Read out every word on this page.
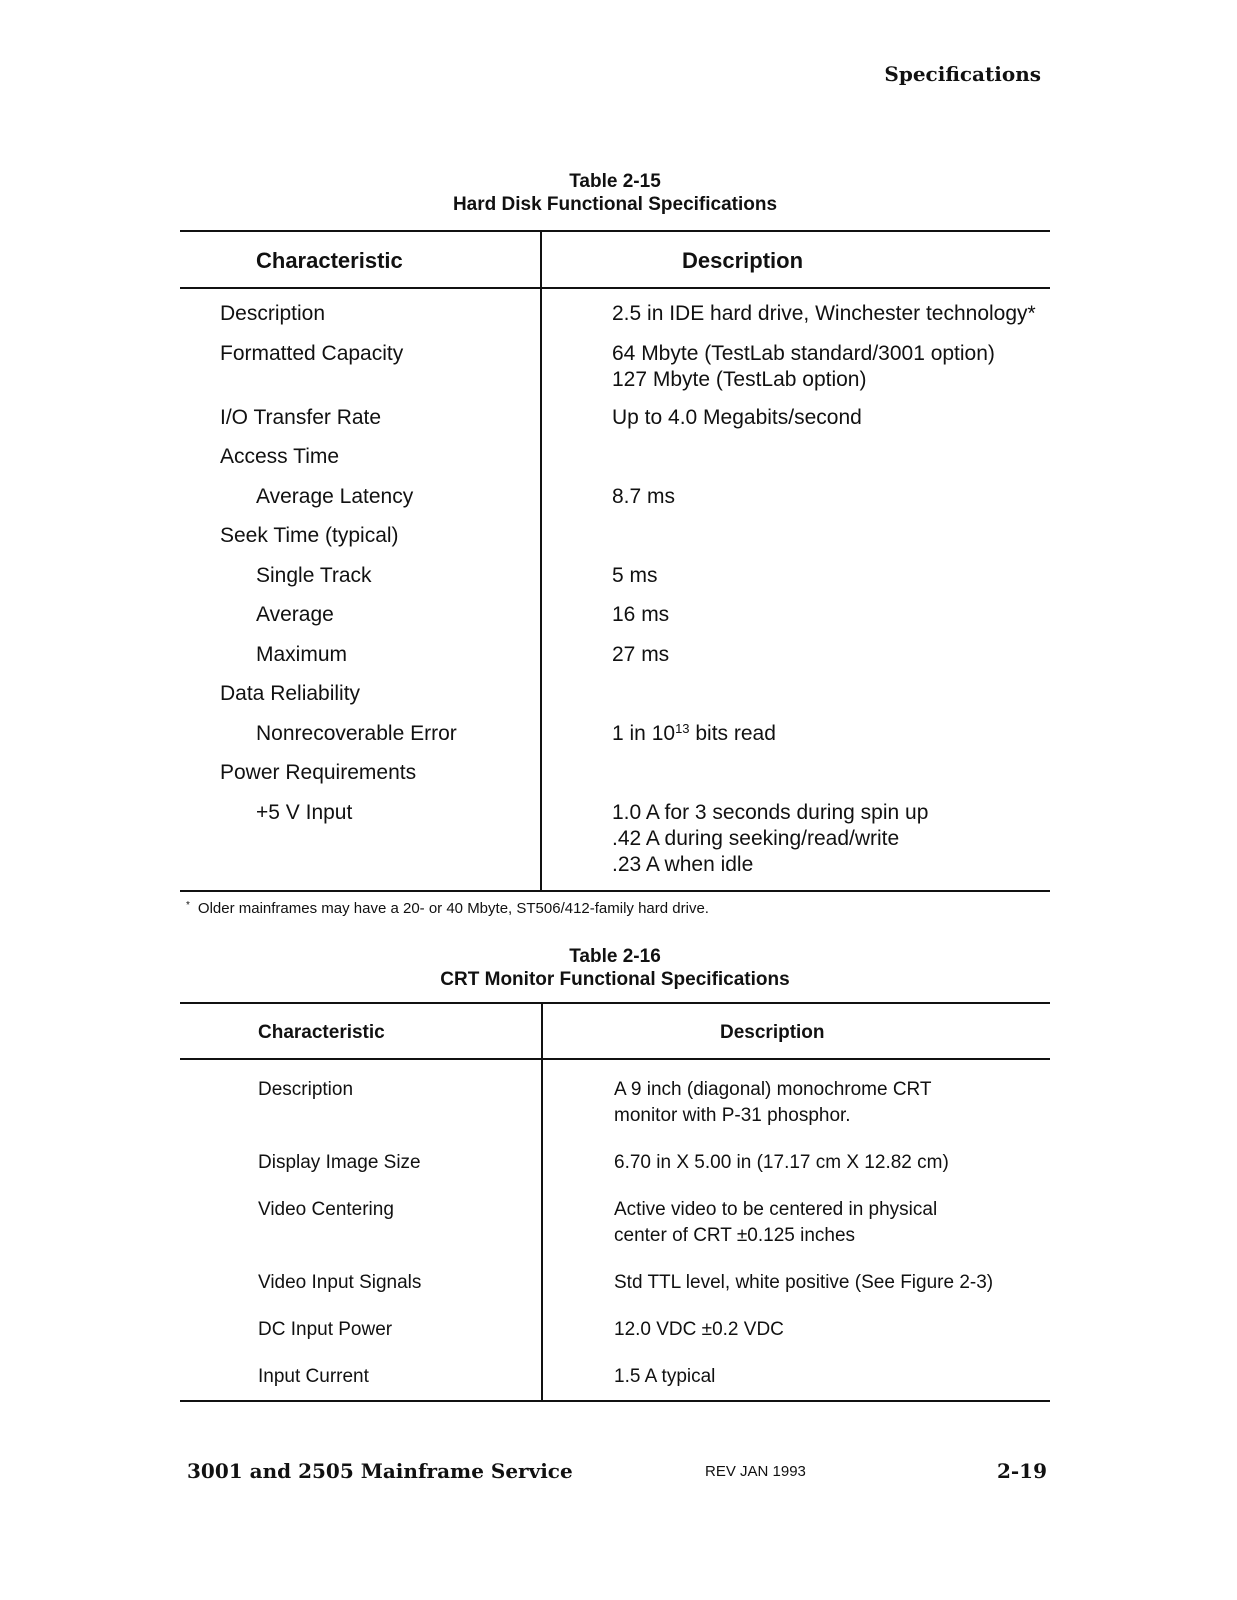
Specifications
Table 2-15
Hard Disk Functional Specifications
Characteristic	Description
Description	2.5 in IDE hard drive, Winchester technology*
Formatted Capacity	64 Mbyte (TestLab standard/3001 option)
127 Mbyte (TestLab option)
I/O Transfer Rate	Up to 4.0 Megabits/second
Access Time
Average Latency	8.7 ms
Seek Time (typical)
Single Track	5 ms
Average	16 ms
Maximum	27 ms
Data Reliability
Nonrecoverable Error	1 in $10^{13}$ bits read
Power Requirements
+5 V Input	1.0 A for 3 seconds during spin up
.42 A during seeking/read/write
.23 A when idle
* Older mainframes may have a 20- or 40 Mbyte, ST506/412-family hard drive.
Table 2-16
CRT Monitor Functional Specifications
Characteristic	Description
Description	A 9 inch (diagonal) monochrome CRT
monitor with P-31 phosphor.
Display Image Size	6.70 in X 5.00 in (17.17 cm X 12.82 cm)
Video Centering	Active video to be centered in physical
center of CRT ±0.125 inches
Video Input Signals	Std TTL level, white positive (See Figure 2-3)
DC Input Power	12.0 VDC ±0.2 VDC
Input Current	1.5 A typical
3001 and 2505 Mainframe Service	REV JAN 1993	2-19
